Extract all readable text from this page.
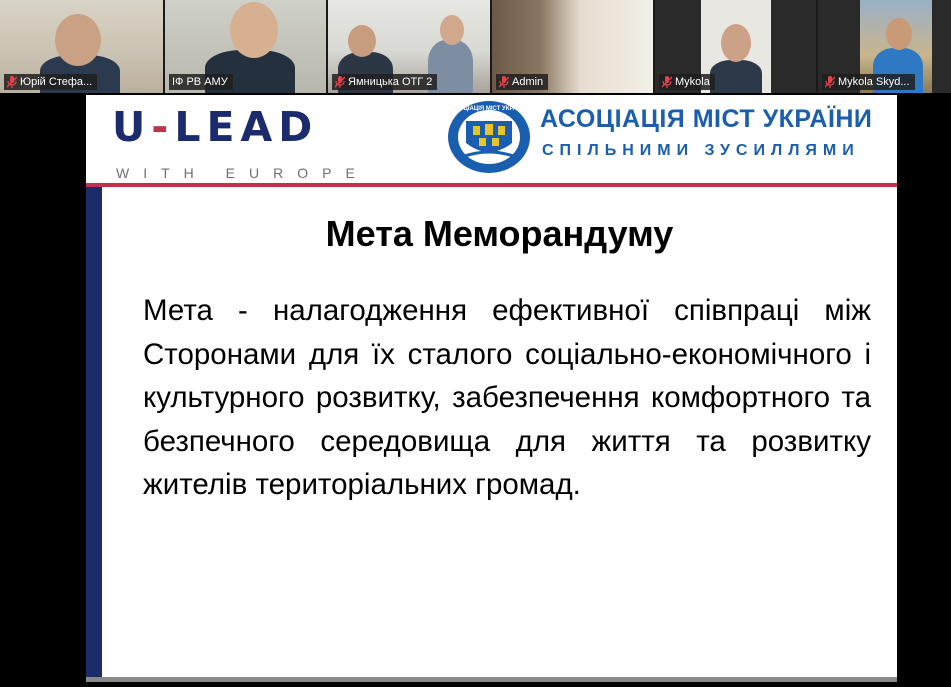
Юрій Стефа...	ІФ РВ АМУ	Ямницька ОТГ 2	Admin	Mykola	Mykola Skyd...
U-LEAD
WITH EUROPE
АСОЦІАЦІЯ МІСТ УКРАЇНИ АСОЦІАЦІЯ МІСТ УКРАЇНИ
СПІЛЬНИМИ ЗУСИЛЛЯМИ
Мета Меморандуму
Мета - налагодження ефективної співпраці між Сторонами для їх сталого соціально-економічного і культурного розвитку, забезпечення комфортного та безпечного середовища для життя та розвитку жителів територіальних громад.
